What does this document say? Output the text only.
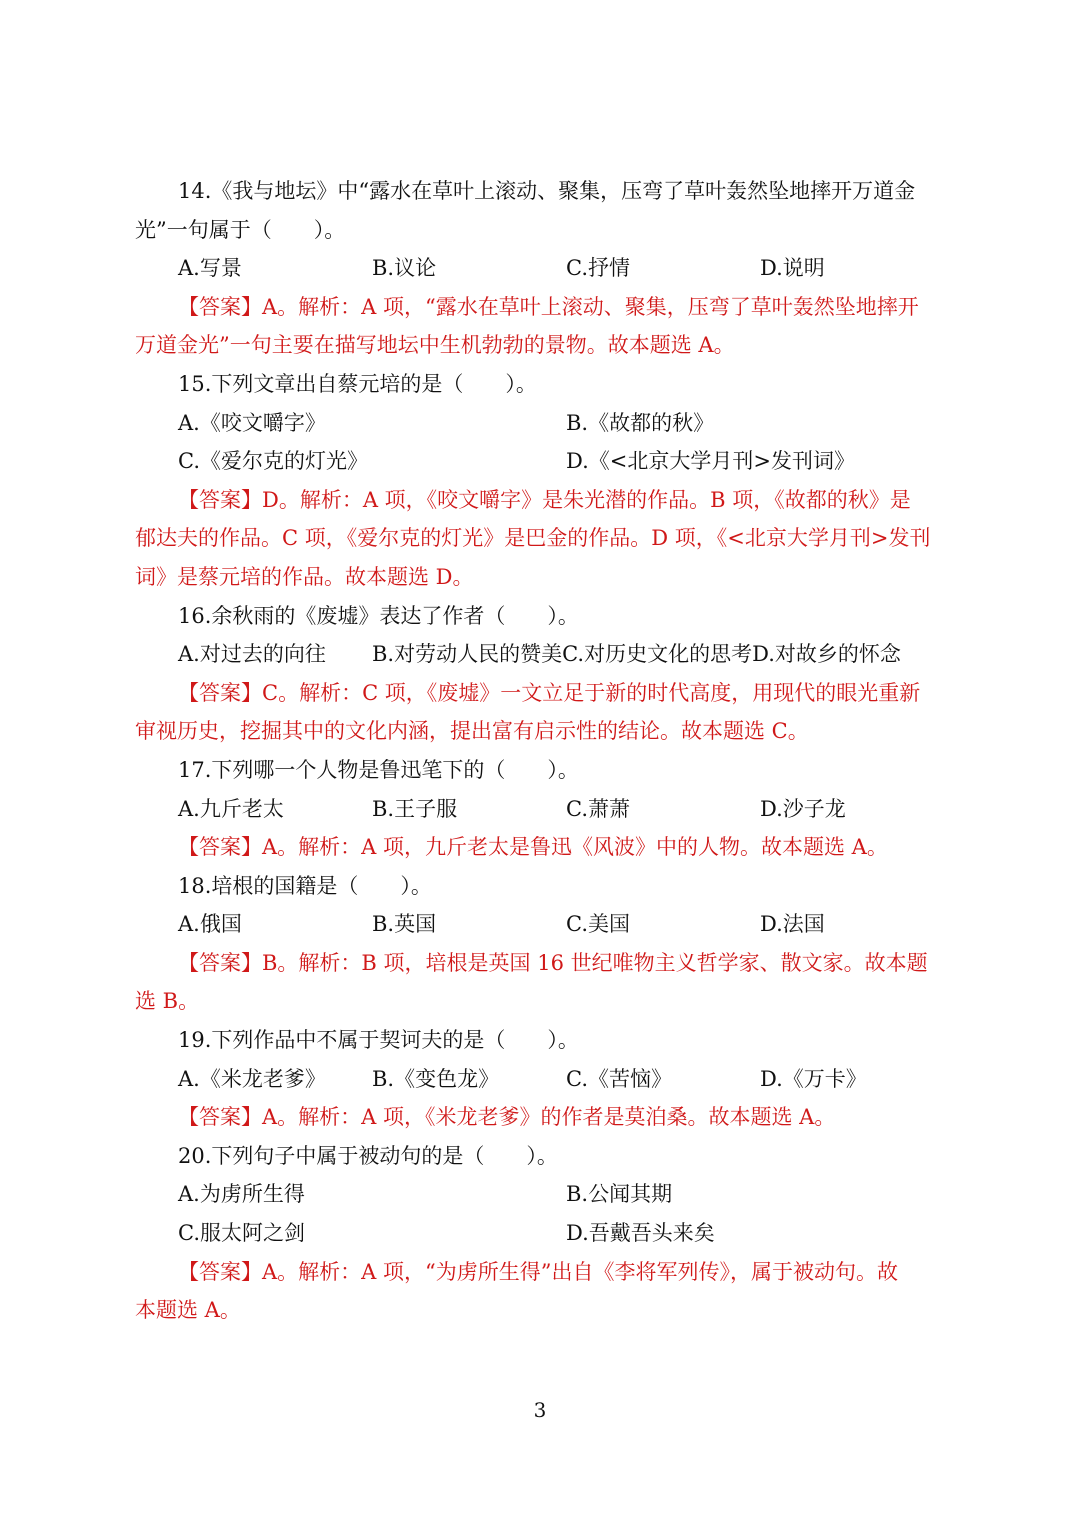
14.《我与地坛》中“露水在草叶上滚动、聚集，压弯了草叶轰然坠地摔开万道金
光”一句属于（　　）。
A.写景	B.议论	C.抒情	D.说明
【答案】A。解析：A 项，“露水在草叶上滚动、聚集，压弯了草叶轰然坠地摔开
万道金光”一句主要在描写地坛中生机勃勃的景物。故本题选 A。
15.下列文章出自蔡元培的是（　　）。
A.《咬文嚼字》	B.《故都的秋》
C.《爱尔克的灯光》	D.《<北京大学月刊>发刊词》
【答案】D。解析：A 项，《咬文嚼字》是朱光潜的作品。B 项，《故都的秋》是
郁达夫的作品。C 项，《爱尔克的灯光》是巴金的作品。D 项，《<北京大学月刊>发刊
词》是蔡元培的作品。故本题选 D。
16.余秋雨的《废墟》表达了作者（　　）。
A.对过去的向往	B.对劳动人民的赞美 C.对历史文化的思考 D.对故乡的怀念
【答案】C。解析：C 项，《废墟》一文立足于新的时代高度，用现代的眼光重新
审视历史，挖掘其中的文化内涵，提出富有启示性的结论。故本题选 C。
17.下列哪一个人物是鲁迅笔下的（　　）。
A.九斤老太	B.王子服	C.萧萧	D.沙子龙
【答案】A。解析：A 项，九斤老太是鲁迅《风波》中的人物。故本题选 A。
18.培根的国籍是（　　）。
A.俄国	B.英国	C.美国	D.法国
【答案】B。解析：B 项，培根是英国 16 世纪唯物主义哲学家、散文家。故本题
选 B。
19.下列作品中不属于契诃夫的是（　　）。
A.《米龙老爹》	B.《变色龙》	C.《苦恼》	D.《万卡》
【答案】A。解析：A 项，《米龙老爹》的作者是莫泊桑。故本题选 A。
20.下列句子中属于被动句的是（　　）。
A.为虏所生得	B.公闻其期
C.服太阿之剑	D.吾戴吾头来矣
【答案】A。解析：A 项，“为虏所生得”出自《李将军列传》，属于被动句。故
本题选 A。
3
